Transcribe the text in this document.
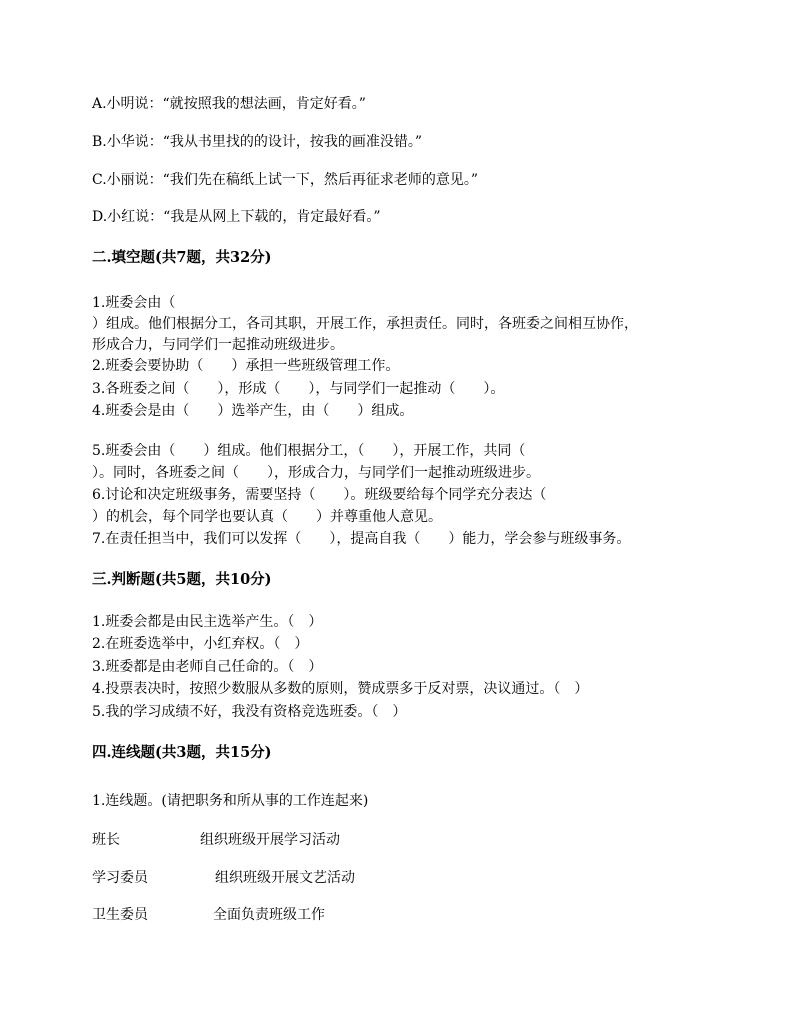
A.小明说：“就按照我的想法画，肯定好看。”
B.小华说：“我从书里找的的设计，按我的画准没错。”
C.小丽说：“我们先在稿纸上试一下，然后再征求老师的意见。”
D.小红说：“我是从网上下载的，肯定最好看。”
二.填空题(共7题，共32分)
1.班委会由（
）组成。他们根据分工，各司其职，开展工作，承担责任。同时，各班委之间相互协作，
形成合力，与同学们一起推动班级进步。
2.班委会要协助（　　）承担一些班级管理工作。
3.各班委之间（　　），形成（　　），与同学们一起推动（　　）。
4.班委会是由（　　）选举产生，由（　　）组成。
5.班委会由（　　）组成。他们根据分工，（　　），开展工作，共同（
）。同时，各班委之间（　　），形成合力，与同学们一起推动班级进步。
6.讨论和决定班级事务，需要坚持（　　）。班级要给每个同学充分表达（
）的机会，每个同学也要认真（　　）并尊重他人意见。
7.在责任担当中，我们可以发挥（　　），提高自我（　　）能力，学会参与班级事务。
三.判断题(共5题，共10分)
1.班委会都是由民主选举产生。（　）
2.在班委选举中，小红弃权。（　）
3.班委都是由老师自己任命的。（　）
4.投票表决时，按照少数服从多数的原则，赞成票多于反对票，决议通过。（　）
5.我的学习成绩不好，我没有资格竞选班委。（　）
四.连线题(共3题，共15分)
1.连线题。(请把职务和所从事的工作连起来)
班长	组织班级开展学习活动
学习委员	组织班级开展文艺活动
卫生委员	全面负责班级工作
